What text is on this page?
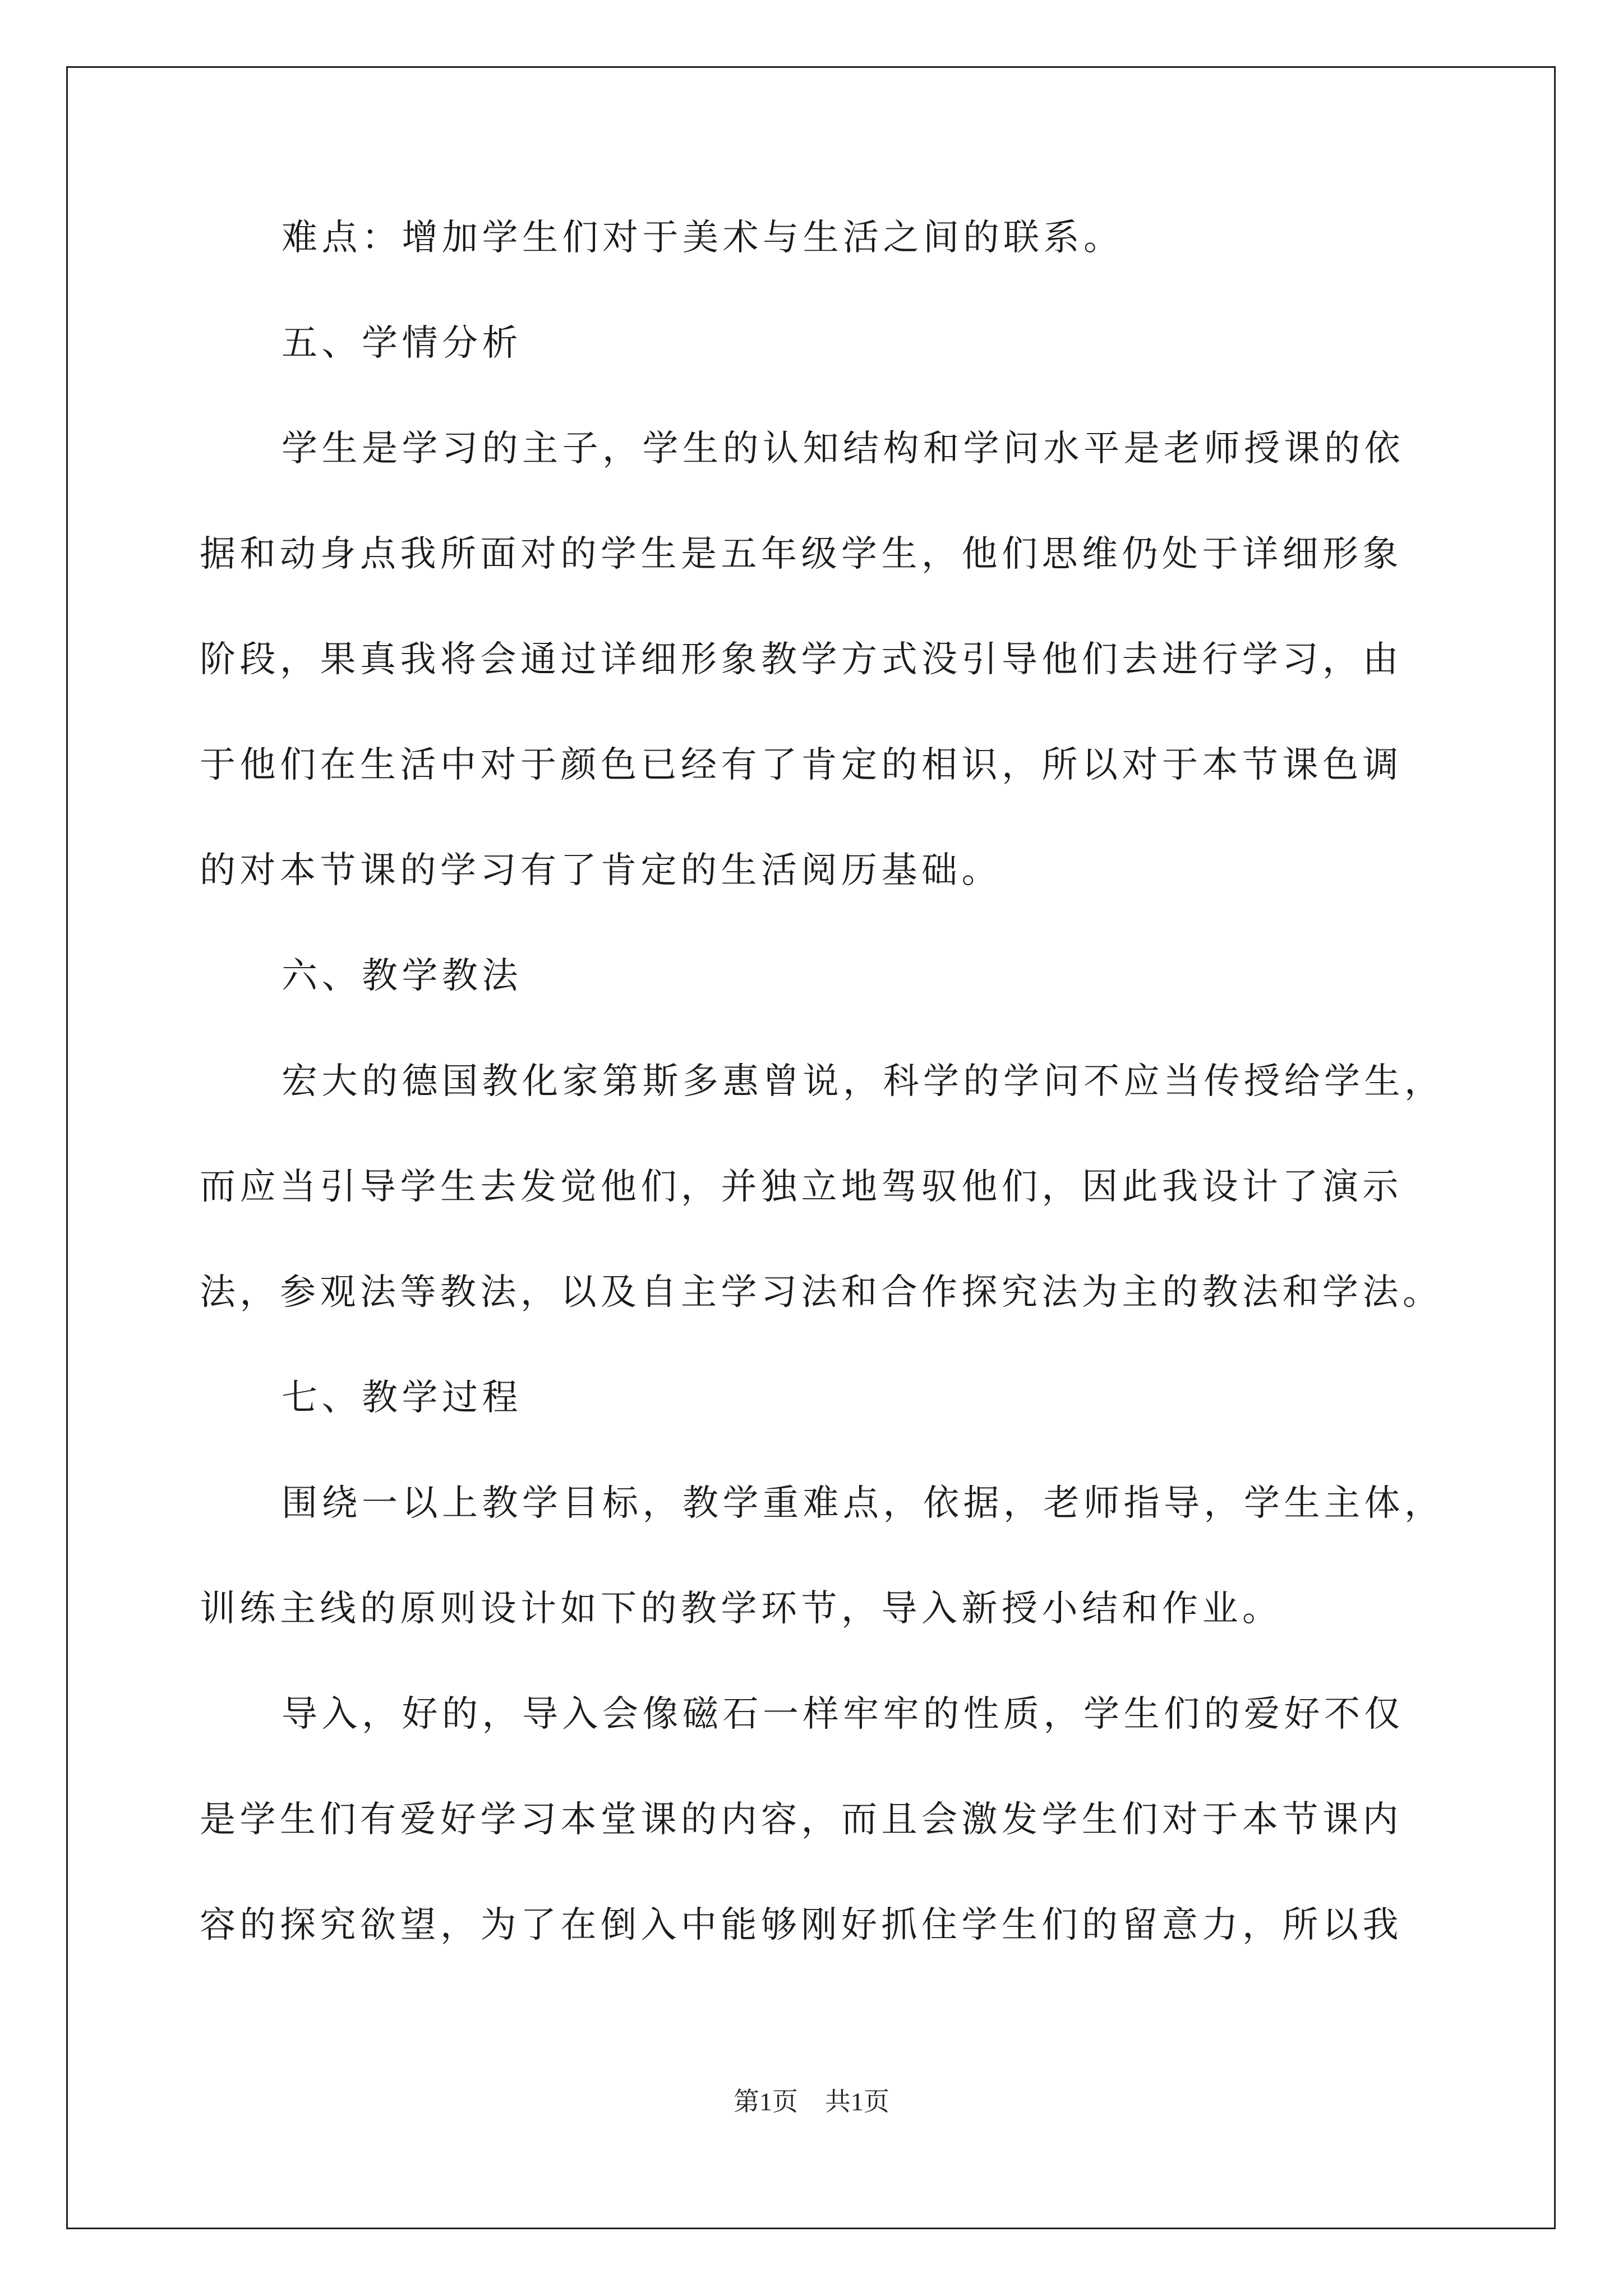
难点：增加学生们对于美术与生活之间的联系。
五、学情分析
学生是学习的主子，学生的认知结构和学问水平是老师授课的依
据和动身点我所面对的学生是五年级学生，他们思维仍处于详细形象
阶段，果真我将会通过详细形象教学方式没引导他们去进行学习，由
于他们在生活中对于颜色已经有了肯定的相识，所以对于本节课色调
的对本节课的学习有了肯定的生活阅历基础。
六、教学教法
宏大的德国教化家第斯多惠曾说，科学的学问不应当传授给学生，
而应当引导学生去发觉他们，并独立地驾驭他们，因此我设计了演示
法，参观法等教法，以及自主学习法和合作探究法为主的教法和学法。
七、教学过程
围绕一以上教学目标，教学重难点，依据，老师指导，学生主体，
训练主线的原则设计如下的教学环节，导入新授小结和作业。
导入，好的，导入会像磁石一样牢牢的性质，学生们的爱好不仅
是学生们有爱好学习本堂课的内容，而且会激发学生们对于本节课内
容的探究欲望，为了在倒入中能够刚好抓住学生们的留意力，所以我
第1页 共1页
